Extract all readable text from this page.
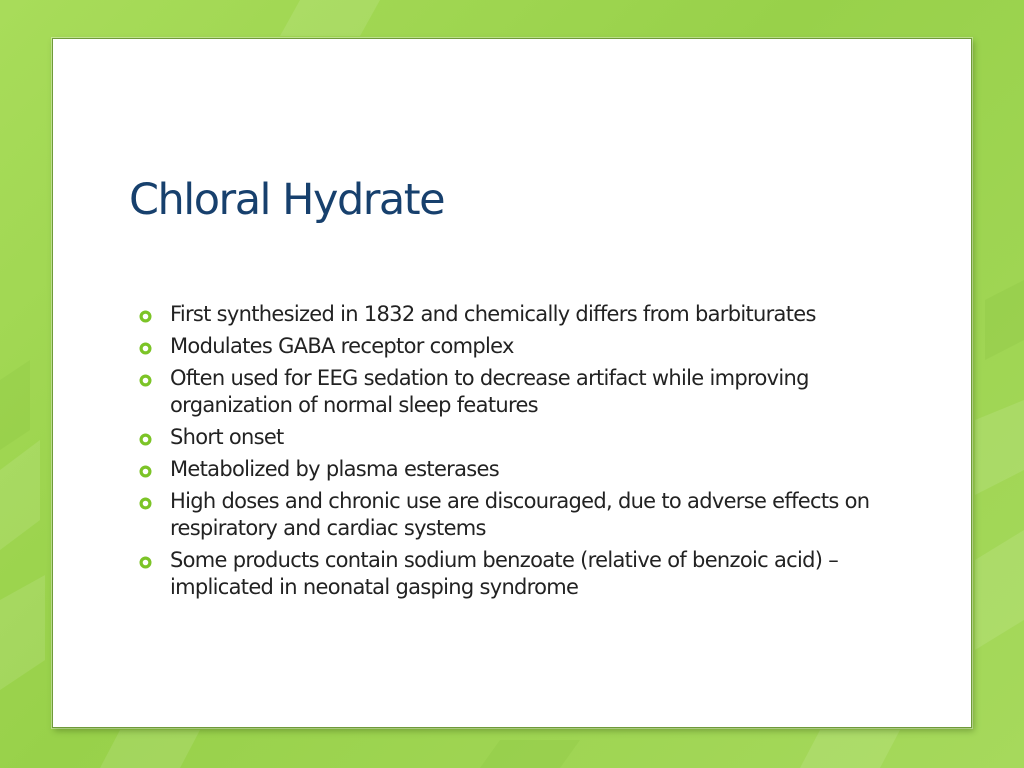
Chloral Hydrate
First synthesized in 1832 and chemically differs from barbiturates
Modulates GABA receptor complex
Often used for EEG sedation to decrease artifact while improving organization of normal sleep features
Short onset
Metabolized by plasma esterases
High doses and chronic use are discouraged, due to adverse effects on respiratory and cardiac systems
Some products contain sodium benzoate (relative of benzoic acid) – implicated in neonatal gasping syndrome
